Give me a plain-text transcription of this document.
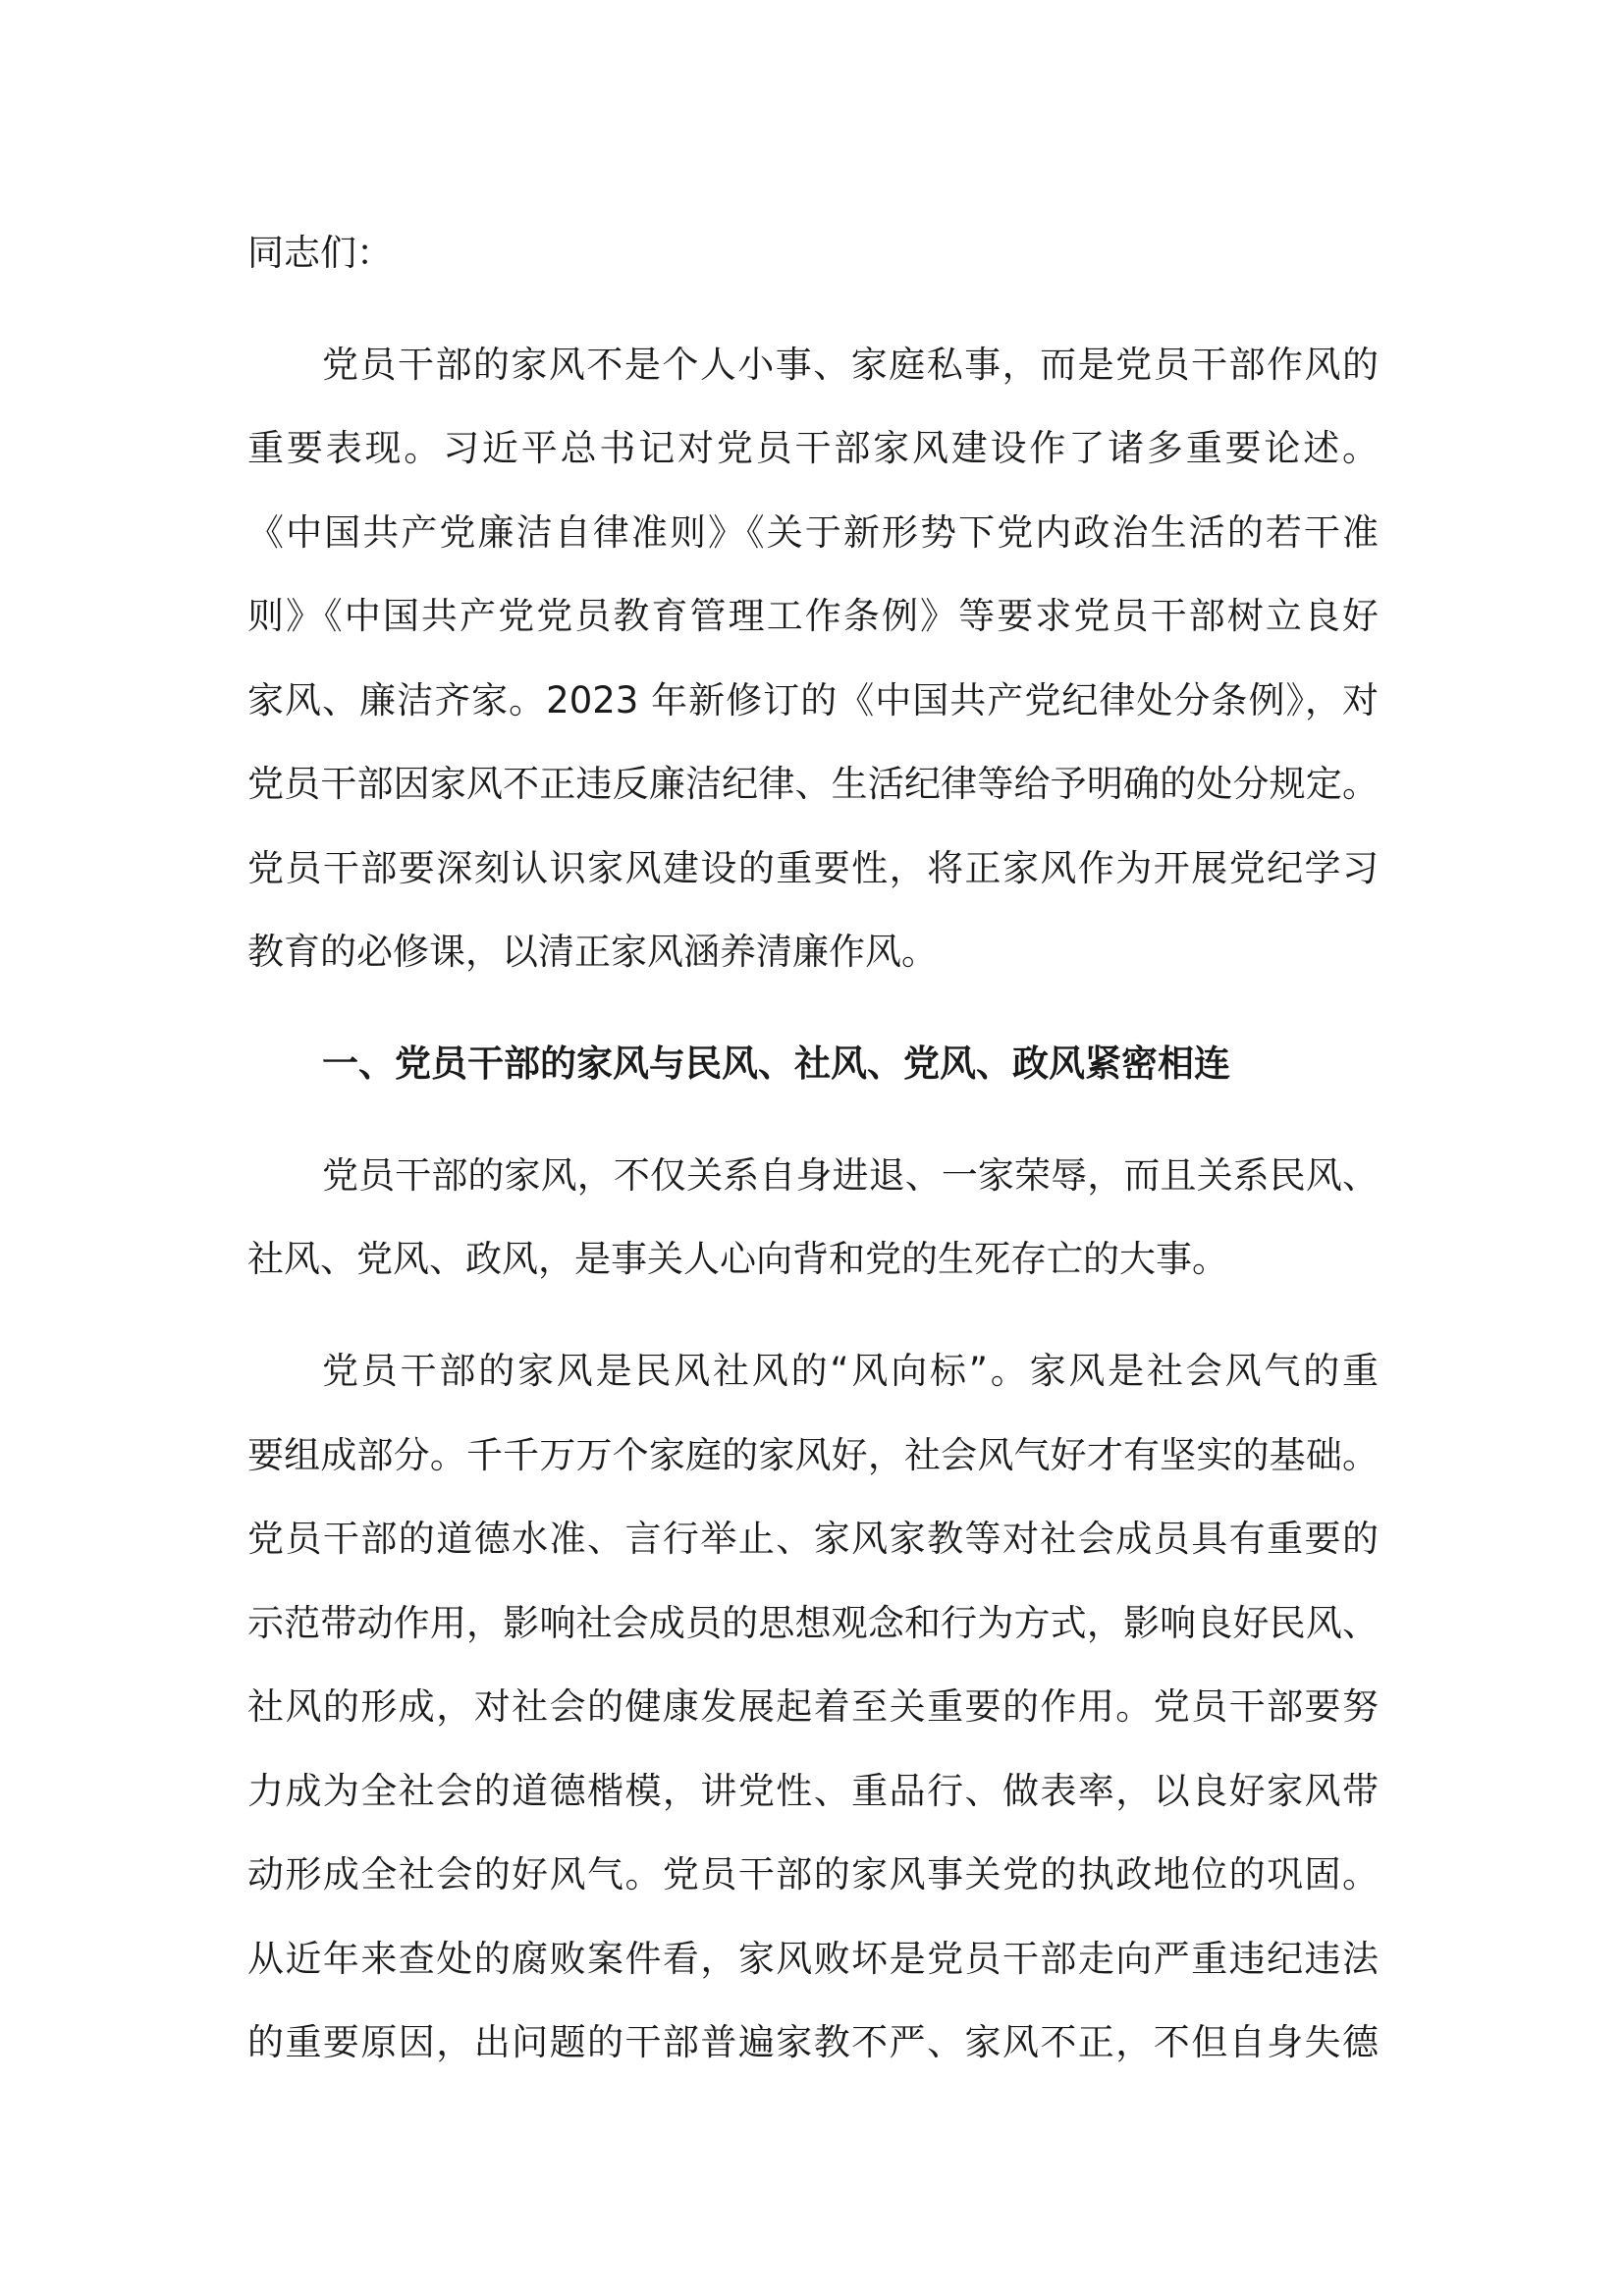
同志们：
党员干部的家风不是个人小事、家庭私事，而是党员干部作风的
重要表现。习近平总书记对党员干部家风建设作了诸多重要论述。
《中国共产党廉洁自律准则》《关于新形势下党内政治生活的若干准
则》《中国共产党党员教育管理工作条例》等要求党员干部树立良好
家风、廉洁齐家。2023 年新修订的《中国共产党纪律处分条例》，对
党员干部因家风不正违反廉洁纪律、生活纪律等给予明确的处分规定。
党员干部要深刻认识家风建设的重要性，将正家风作为开展党纪学习
教育的必修课，以清正家风涵养清廉作风。
一、党员干部的家风与民风、社风、党风、政风紧密相连
党员干部的家风，不仅关系自身进退、一家荣辱，而且关系民风、
社风、党风、政风，是事关人心向背和党的生死存亡的大事。
党员干部的家风是民风社风的“风向标”。家风是社会风气的重
要组成部分。千千万万个家庭的家风好，社会风气好才有坚实的基础。
党员干部的道德水准、言行举止、家风家教等对社会成员具有重要的
示范带动作用，影响社会成员的思想观念和行为方式，影响良好民风、
社风的形成，对社会的健康发展起着至关重要的作用。党员干部要努
力成为全社会的道德楷模，讲党性、重品行、做表率，以良好家风带
动形成全社会的好风气。党员干部的家风事关党的执政地位的巩固。
从近年来查处的腐败案件看，家风败坏是党员干部走向严重违纪违法
的重要原因，出问题的干部普遍家教不严、家风不正，不但自身失德
